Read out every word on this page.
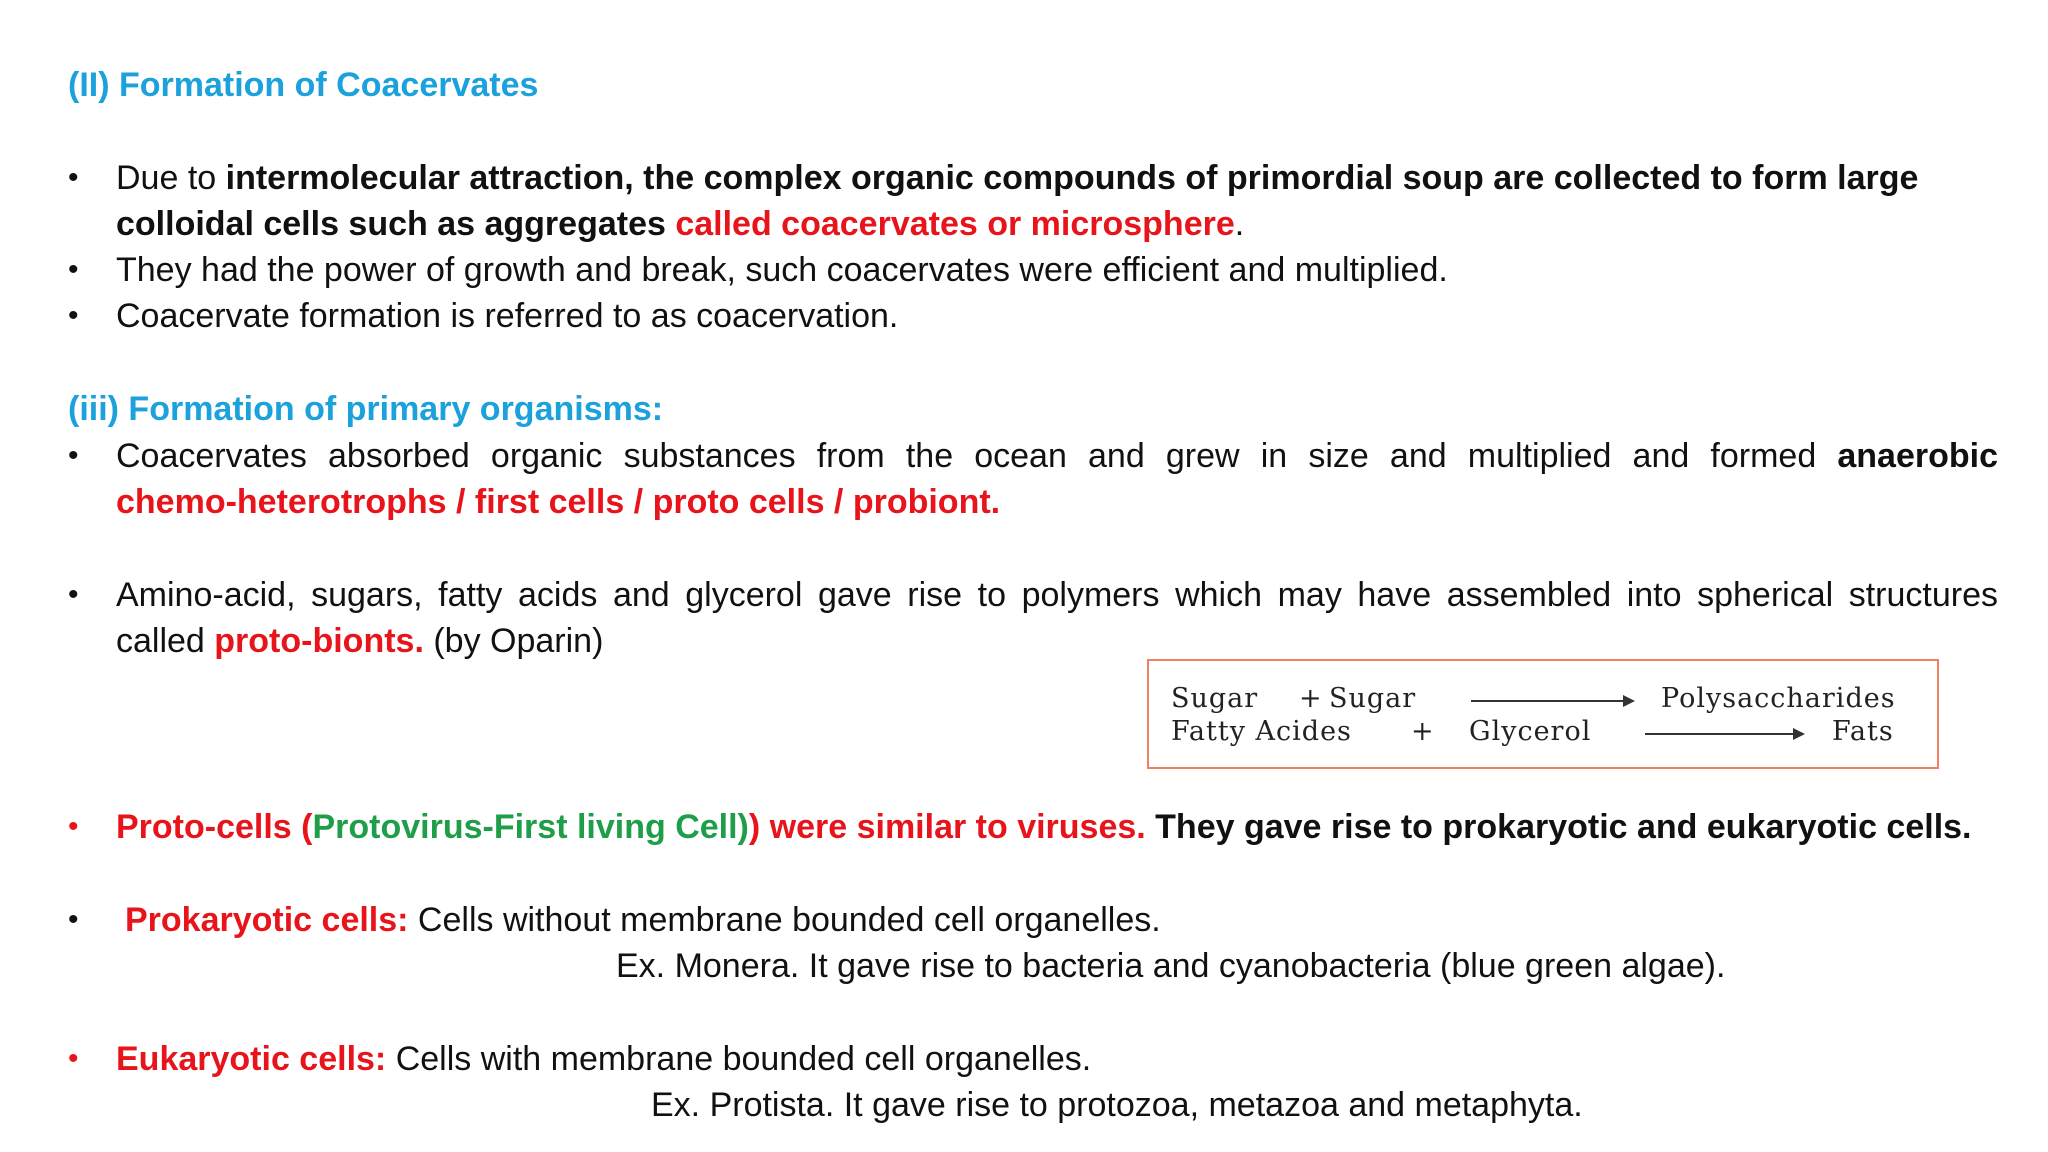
(II) Formation of Coacervates
•	Due to intermolecular attraction, the complex organic compounds of primordial soup are collected to form large colloidal cells such as aggregates called coacervates or microsphere.
•	They had the power of growth and break, such coacervates were efficient and multiplied.
•	Coacervate formation is referred to as coacervation.
(iii) Formation of primary organisms:
•	Coacervates absorbed organic substances from the ocean and grew in size and multiplied and formed anaerobic
chemo-heterotrophs / first cells / proto cells / probiont.
•	Amino-acid, sugars, fatty acids and glycerol gave rise to polymers which may have assembled into spherical structures called proto-bionts. (by Oparin)
Sugar + Sugar	Polysaccharides
Fatty Acides + Glycerol	Fats
•	Proto-cells (Protovirus-First living Cell)) were similar to viruses. They gave rise to prokaryotic and eukaryotic cells.
•	Prokaryotic cells: Cells without membrane bounded cell organelles.
Ex. Monera. It gave rise to bacteria and cyanobacteria (blue green algae).
•	Eukaryotic cells: Cells with membrane bounded cell organelles.
Ex. Protista. It gave rise to protozoa, metazoa and metaphyta.
